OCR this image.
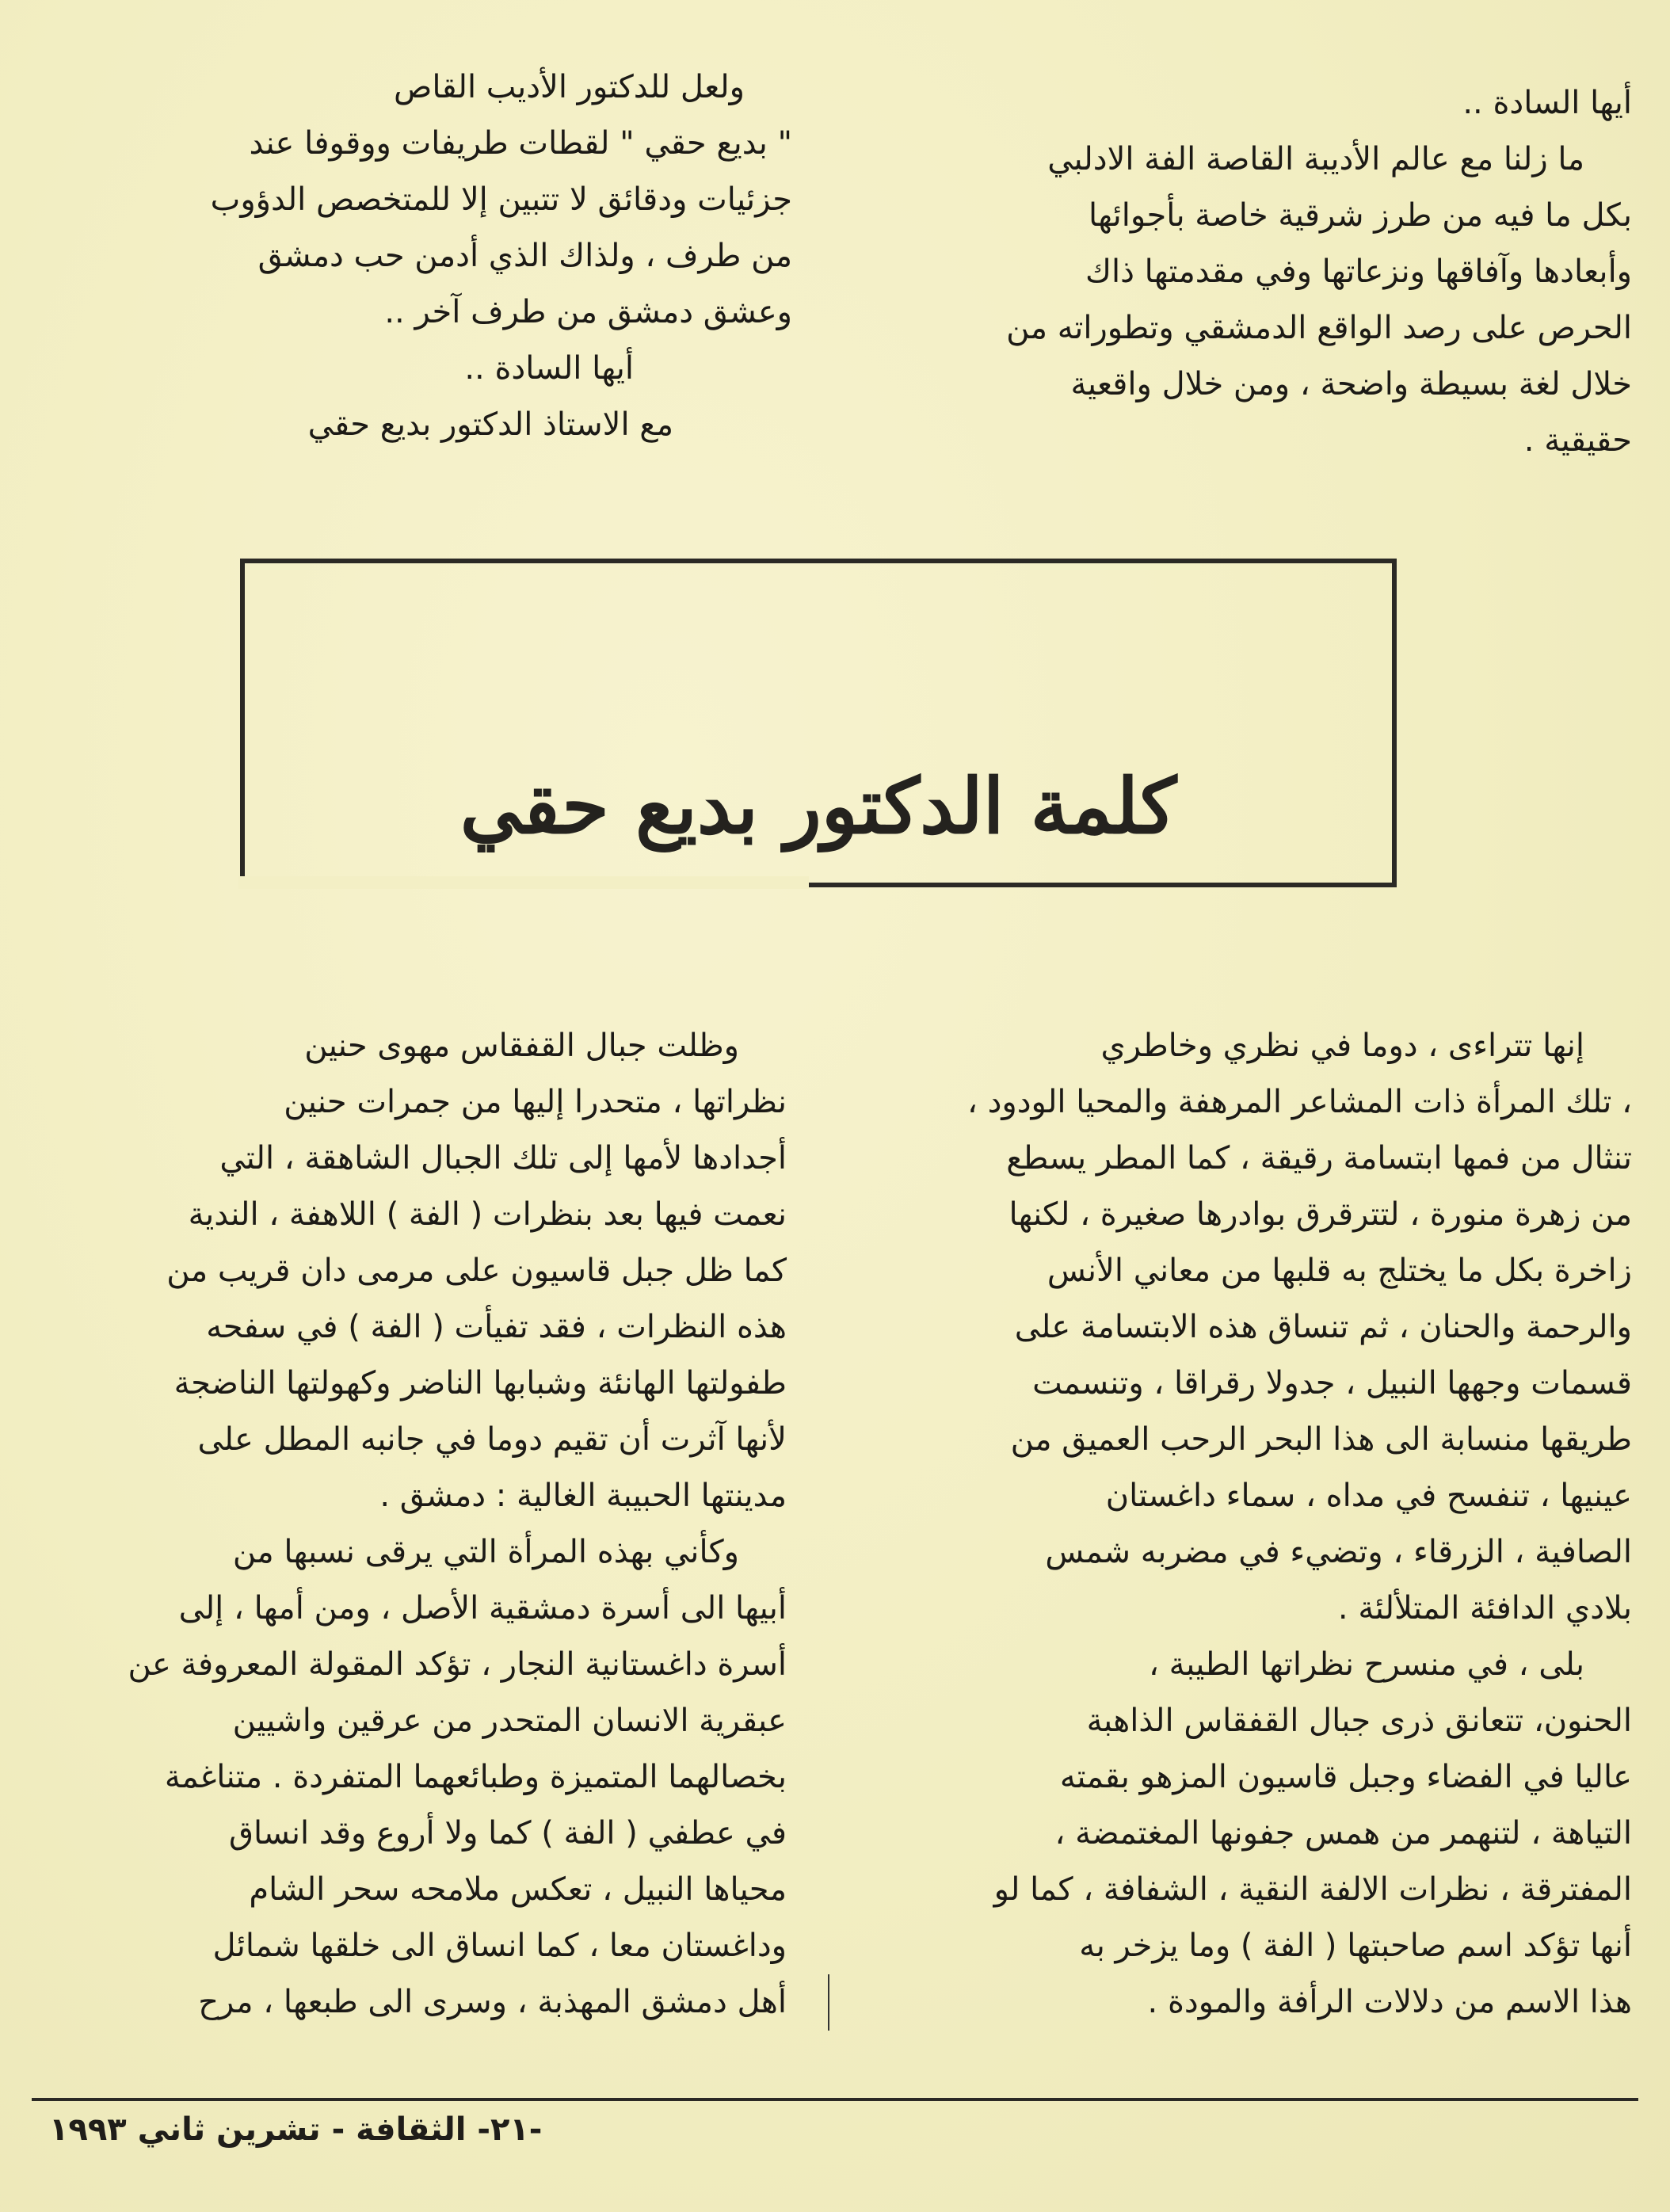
أيها السادة ..

ما زلنا مع عالم الأديبة القاصة الفة الادلبي

بكل ما فيه من طرز شرقية خاصة بأجوائها

وأبعادها وآفاقها ونزعاتها وفي مقدمتها ذاك

الحرص على رصد الواقع الدمشقي وتطوراته من

خلال لغة بسيطة واضحة ، ومن خلال واقعية

حقيقية .

ولعل للدكتور الأديب القاص

" بديع حقي " لقطات طريفات ووقوفا عند

جزئيات ودقائق لا تتبين إلا للمتخصص الدؤوب

من طرف ، ولذاك الذي أدمن حب دمشق

وعشق دمشق من طرف آخر ..

أيها السادة ..

مع الاستاذ الدكتور بديع حقي

كلمة الدكتور بديع حقي

إنها تتراءى ، دوما في نظري وخاطري

، تلك المرأة ذات المشاعر المرهفة والمحيا الودود ،

تنثال من فمها ابتسامة رقيقة ، كما المطر يسطع

من زهرة منورة ، لتترقرق بوادرها صغيرة ، لكنها

زاخرة بكل ما يختلج به قلبها من معاني الأنس

والرحمة والحنان ، ثم تنساق هذه الابتسامة على

قسمات وجهها النبيل ، جدولا رقراقا ، وتنسمت

طريقها منسابة الى هذا البحر الرحب العميق من

عينيها ، تنفسح في مداه ، سماء داغستان

الصافية ، الزرقاء ، وتضيء في مضربه شمس

بلادي الدافئة المتلألئة .

بلى ، في منسرح نظراتها الطيبة ،

الحنون، تتعانق ذرى جبال القفقاس الذاهبة

عاليا في الفضاء وجبل قاسيون المزهو بقمته

التياهة ، لتنهمر من همس جفونها المغتمضة ،

المفترقة ، نظرات الالفة النقية ، الشفافة ، كما لو

أنها تؤكد اسم صاحبتها ( الفة ) وما يزخر به

هذا الاسم من دلالات الرأفة والمودة .

وظلت جبال القفقاس مهوى حنين

نظراتها ، متحدرا إليها من جمرات حنين

أجدادها لأمها إلى تلك الجبال الشاهقة ، التي

نعمت فيها بعد بنظرات ( الفة ) اللاهفة ، الندية

كما ظل جبل قاسيون على مرمى دان قريب من

هذه النظرات ، فقد تفيأت ( الفة ) في سفحه

طفولتها الهانئة وشبابها الناضر وكهولتها الناضجة

لأنها آثرت أن تقيم دوما في جانبه المطل على

مدينتها الحبيبة الغالية : دمشق .

وكأني بهذه المرأة التي يرقى نسبها من

أبيها الى أسرة دمشقية الأصل ، ومن أمها ، إلى

أسرة داغستانية النجار ، تؤكد المقولة المعروفة عن

عبقرية الانسان المتحدر من عرقين واشيين

بخصالهما المتميزة وطبائعهما المتفردة . متناغمة

في عطفي ( الفة ) كما ولا أروع وقد انساق

محياها النبيل ، تعكس ملامحه سحر الشام

وداغستان معا ، كما انساق الى خلقها شمائل

أهل دمشق المهذبة ، وسرى الى طبعها ، مرح

-٢١- الثقافة - تشرين ثاني ١٩٩٣
